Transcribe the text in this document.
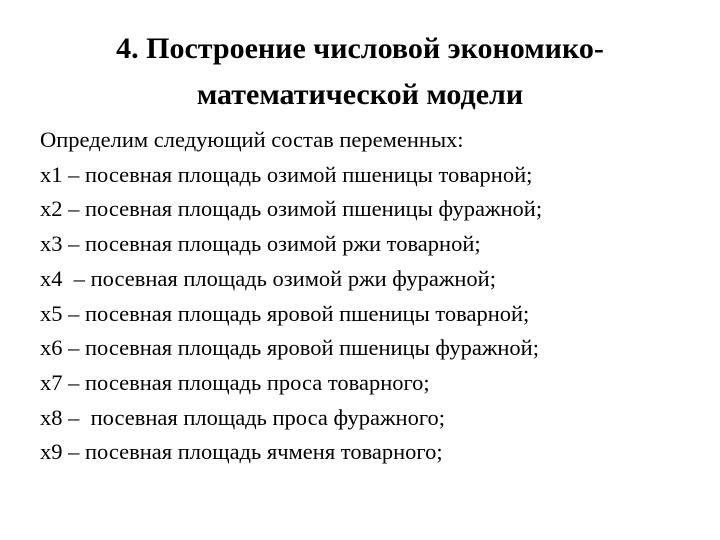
4. Построение числовой экономико-
математической модели
Определим следующий состав переменных:
x1 – посевная площадь озимой пшеницы товарной;
x2 – посевная площадь озимой пшеницы фуражной;
x3 – посевная площадь озимой ржи товарной;
x4  – посевная площадь озимой ржи фуражной;
x5 – посевная площадь яровой пшеницы товарной;
x6 – посевная площадь яровой пшеницы фуражной;
x7 – посевная площадь проса товарного;
x8 –  посевная площадь проса фуражного;
x9 – посевная площадь ячменя товарного;
